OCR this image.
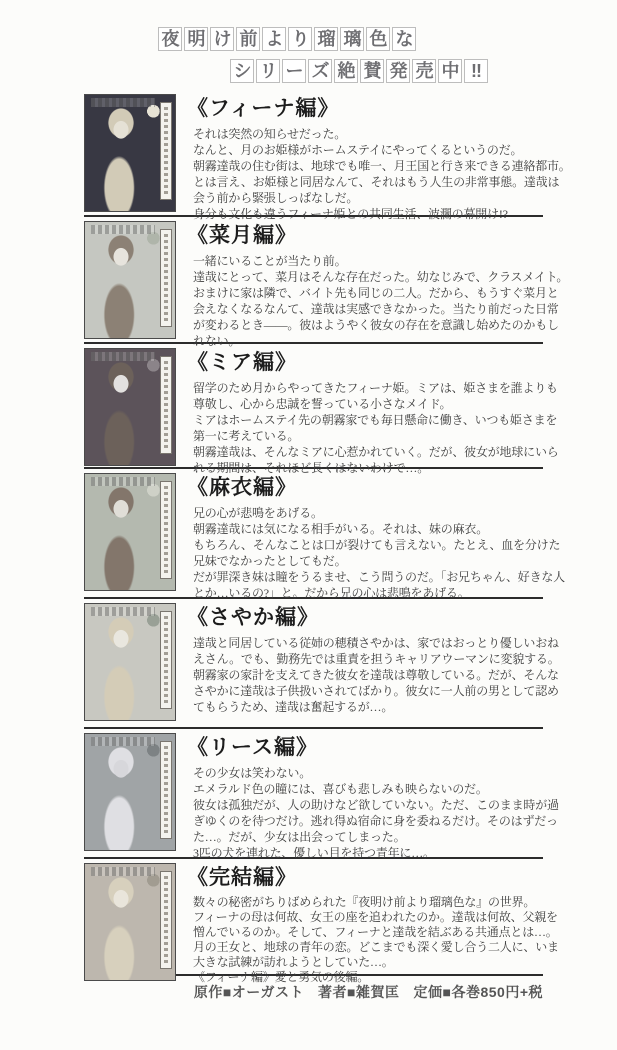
夜 明 け 前 よ り 瑠 璃 色 な
シ リ ー ズ 絶 賛 発 売 中 !!
《フィーナ編》
それは突然の知らせだった。
なんと、月のお姫様がホームステイにやってくるというのだ。
朝霧達哉の住む街は、地球でも唯一、月王国と行き来できる連絡都市。
とは言え、お姫様と同居なんて、それはもう人生の非常事態。達哉は
会う前から緊張しっぱなしだ。
身分も文化も違うフィーナ姫との共同生活、波瀾の幕開け!?
《菜月編》
一緒にいることが当たり前。
達哉にとって、菜月はそんな存在だった。幼なじみで、クラスメイト。
おまけに家は隣で、バイト先も同じの二人。だから、もうすぐ菜月と
会えなくなるなんて、達哉は実感できなかった。当たり前だった日常
が変わるとき――。彼はようやく彼女の存在を意識し始めたのかもし
れない。
《ミア編》
留学のため月からやってきたフィーナ姫。ミアは、姫さまを誰よりも
尊敬し、心から忠誠を誓っている小さなメイド。
ミアはホームステイ先の朝霧家でも毎日懸命に働き、いつも姫さまを
第一に考えている。
朝霧達哉は、そんなミアに心惹かれていく。だが、彼女が地球にいら
れる期間は、それほど長くはないわけで…。
《麻衣編》
兄の心が悲鳴をあげる。
朝霧達哉には気になる相手がいる。それは、妹の麻衣。
もちろん、そんなことは口が裂けても言えない。たとえ、血を分けた
兄妹でなかったとしてもだ。
だが罪深き妹は瞳をうるませ、こう問うのだ。「お兄ちゃん、好きな人
とか…いるの?」と。だから兄の心は悲鳴をあげる。
《さやか編》
達哉と同居している従姉の穂積さやかは、家ではおっとり優しいおね
えさん。でも、勤務先では重責を担うキャリアウーマンに変貌する。
朝霧家の家計を支えてきた彼女を達哉は尊敬している。だが、そんな
さやかに達哉は子供扱いされてばかり。彼女に一人前の男として認め
てもらうため、達哉は奮起するが…。
《リース編》
その少女は笑わない。
エメラルド色の瞳には、喜びも悲しみも映らないのだ。
彼女は孤独だが、人の助けなど欲していない。ただ、このまま時が過
ぎゆくのを待つだけ。逃れ得ぬ宿命に身を委ねるだけ。そのはずだっ
た…。だが、少女は出会ってしまった。
3匹の犬を連れた、優しい目を持つ青年に…。
《完結編》
数々の秘密がちりばめられた『夜明け前より瑠璃色な』の世界。
フィーナの母は何故、女王の座を追われたのか。達哉は何故、父親を
憎んでいるのか。そして、フィーナと達哉を結ぶある共通点とは…。
月の王女と、地球の青年の恋。どこまでも深く愛し合う二人に、いま
大きな試練が訪れようとしていた…。
《フィーナ編》愛と勇気の後編。
原作■オーガスト 著者■雑賀匡 定価■各巻850円+税
